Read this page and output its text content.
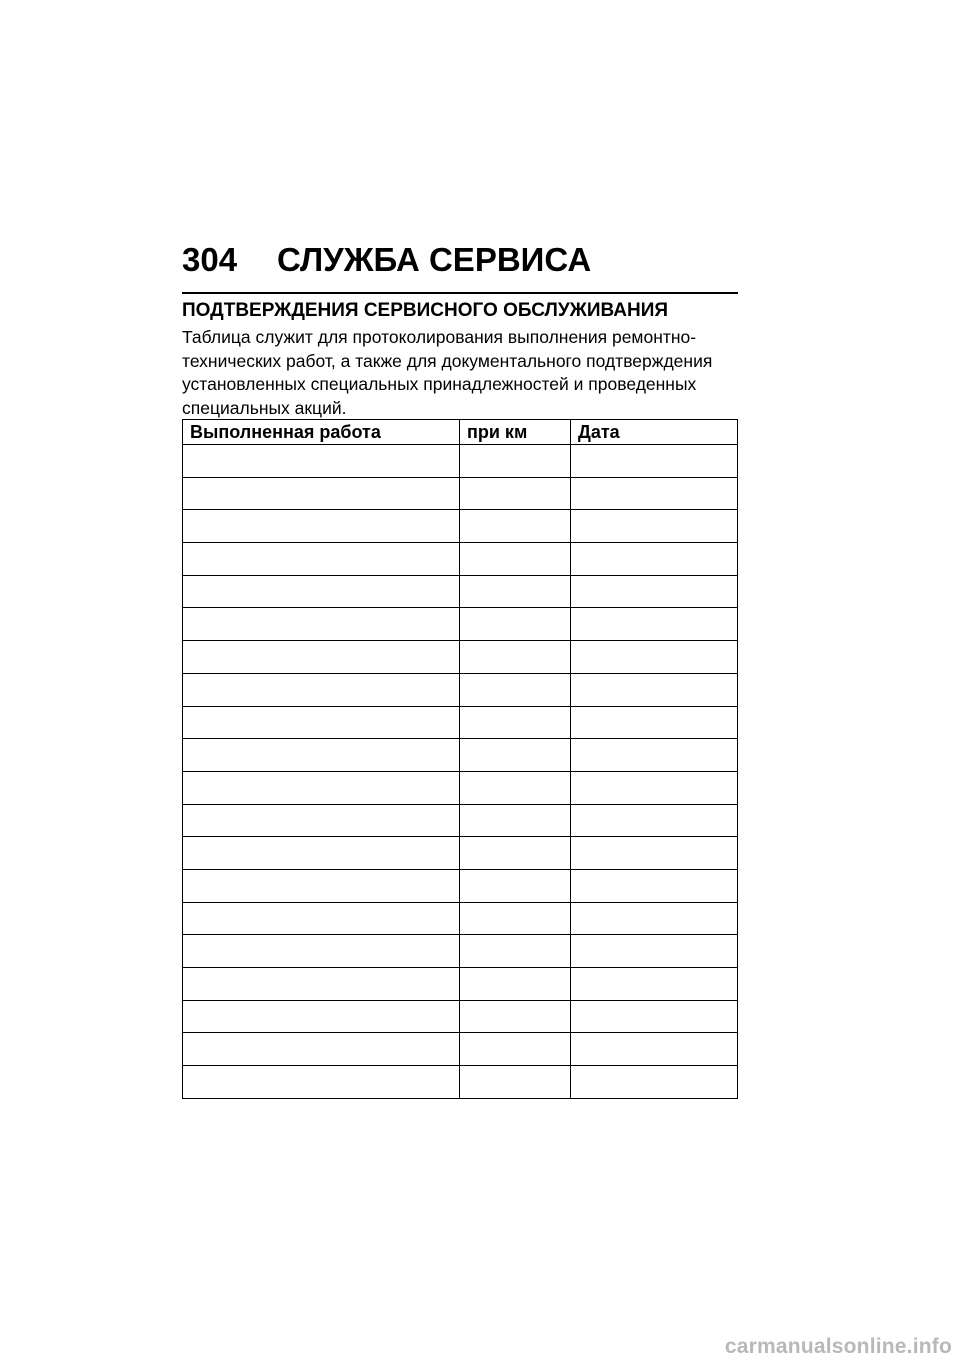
304 СЛУЖБА СЕРВИСА
ПОДТВЕРЖДЕНИЯ СЕРВИСНОГО ОБСЛУЖИВАНИЯ
Таблица служит для протоколирования выполнения ремонтно-
технических работ, а также для документального подтверждения
установленных специальных принадлежностей и проведенных
специальных акций.
Выполненная работа	при км	Дата

carmanualsonline.info
